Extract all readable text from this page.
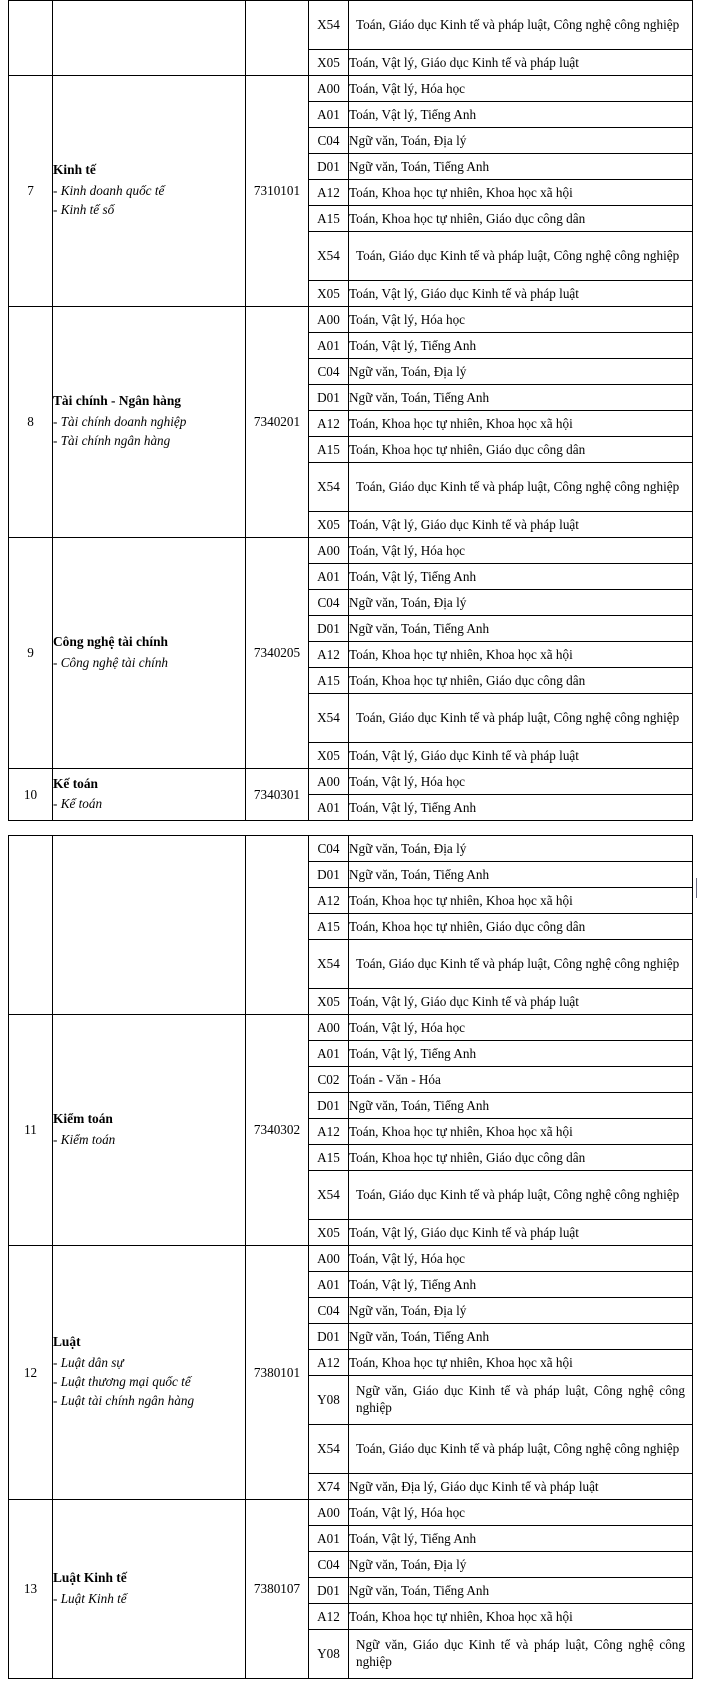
			X54	Toán, Giáo dục Kinh tế và pháp luật, Công nghệ công nghiệp
			X05	Toán, Vật lý, Giáo dục Kinh tế và pháp luật
7	Kinh tế
- Kinh doanh quốc tế
- Kinh tế số	7310101	A00	Toán, Vật lý, Hóa học
			A01	Toán, Vật lý, Tiếng Anh
			C04	Ngữ văn, Toán, Địa lý
			D01	Ngữ văn, Toán, Tiếng Anh
			A12	Toán, Khoa học tự nhiên, Khoa học xã hội
			A15	Toán, Khoa học tự nhiên, Giáo dục công dân
			X54	Toán, Giáo dục Kinh tế và pháp luật, Công nghệ công nghiệp
			X05	Toán, Vật lý, Giáo dục Kinh tế và pháp luật
8	Tài chính - Ngân hàng
- Tài chính doanh nghiệp
- Tài chính ngân hàng	7340201	A00	Toán, Vật lý, Hóa học
			A01	Toán, Vật lý, Tiếng Anh
			C04	Ngữ văn, Toán, Địa lý
			D01	Ngữ văn, Toán, Tiếng Anh
			A12	Toán, Khoa học tự nhiên, Khoa học xã hội
			A15	Toán, Khoa học tự nhiên, Giáo dục công dân
			X54	Toán, Giáo dục Kinh tế và pháp luật, Công nghệ công nghiệp
			X05	Toán, Vật lý, Giáo dục Kinh tế và pháp luật
9	Công nghệ tài chính
- Công nghệ tài chính	7340205	A00	Toán, Vật lý, Hóa học
			A01	Toán, Vật lý, Tiếng Anh
			C04	Ngữ văn, Toán, Địa lý
			D01	Ngữ văn, Toán, Tiếng Anh
			A12	Toán, Khoa học tự nhiên, Khoa học xã hội
			A15	Toán, Khoa học tự nhiên, Giáo dục công dân
			X54	Toán, Giáo dục Kinh tế và pháp luật, Công nghệ công nghiệp
			X05	Toán, Vật lý, Giáo dục Kinh tế và pháp luật
10	Kế toán
- Kế toán	7340301	A00	Toán, Vật lý, Hóa học
			A01	Toán, Vật lý, Tiếng Anh
			C04	Ngữ văn, Toán, Địa lý
			D01	Ngữ văn, Toán, Tiếng Anh
			A12	Toán, Khoa học tự nhiên, Khoa học xã hội
			A15	Toán, Khoa học tự nhiên, Giáo dục công dân
			X54	Toán, Giáo dục Kinh tế và pháp luật, Công nghệ công nghiệp
			X05	Toán, Vật lý, Giáo dục Kinh tế và pháp luật
11	Kiểm toán
- Kiểm toán	7340302	A00	Toán, Vật lý, Hóa học
			A01	Toán, Vật lý, Tiếng Anh
			C02	Toán - Văn - Hóa
			D01	Ngữ văn, Toán, Tiếng Anh
			A12	Toán, Khoa học tự nhiên, Khoa học xã hội
			A15	Toán, Khoa học tự nhiên, Giáo dục công dân
			X54	Toán, Giáo dục Kinh tế và pháp luật, Công nghệ công nghiệp
			X05	Toán, Vật lý, Giáo dục Kinh tế và pháp luật
12	Luật
- Luật dân sự
- Luật thương mại quốc tế
- Luật tài chính ngân hàng	7380101	A00	Toán, Vật lý, Hóa học
			A01	Toán, Vật lý, Tiếng Anh
			C04	Ngữ văn, Toán, Địa lý
			D01	Ngữ văn, Toán, Tiếng Anh
			A12	Toán, Khoa học tự nhiên, Khoa học xã hội
			Y08	Ngữ văn, Giáo dục Kinh tế và pháp luật, Công nghệ công nghiệp
			X54	Toán, Giáo dục Kinh tế và pháp luật, Công nghệ công nghiệp
			X74	Ngữ văn, Địa lý, Giáo dục Kinh tế và pháp luật
13	Luật Kinh tế
- Luật Kinh tế	7380107	A00	Toán, Vật lý, Hóa học
			A01	Toán, Vật lý, Tiếng Anh
			C04	Ngữ văn, Toán, Địa lý
			D01	Ngữ văn, Toán, Tiếng Anh
			A12	Toán, Khoa học tự nhiên, Khoa học xã hội
			Y08	Ngữ văn, Giáo dục Kinh tế và pháp luật, Công nghệ công nghiệp
